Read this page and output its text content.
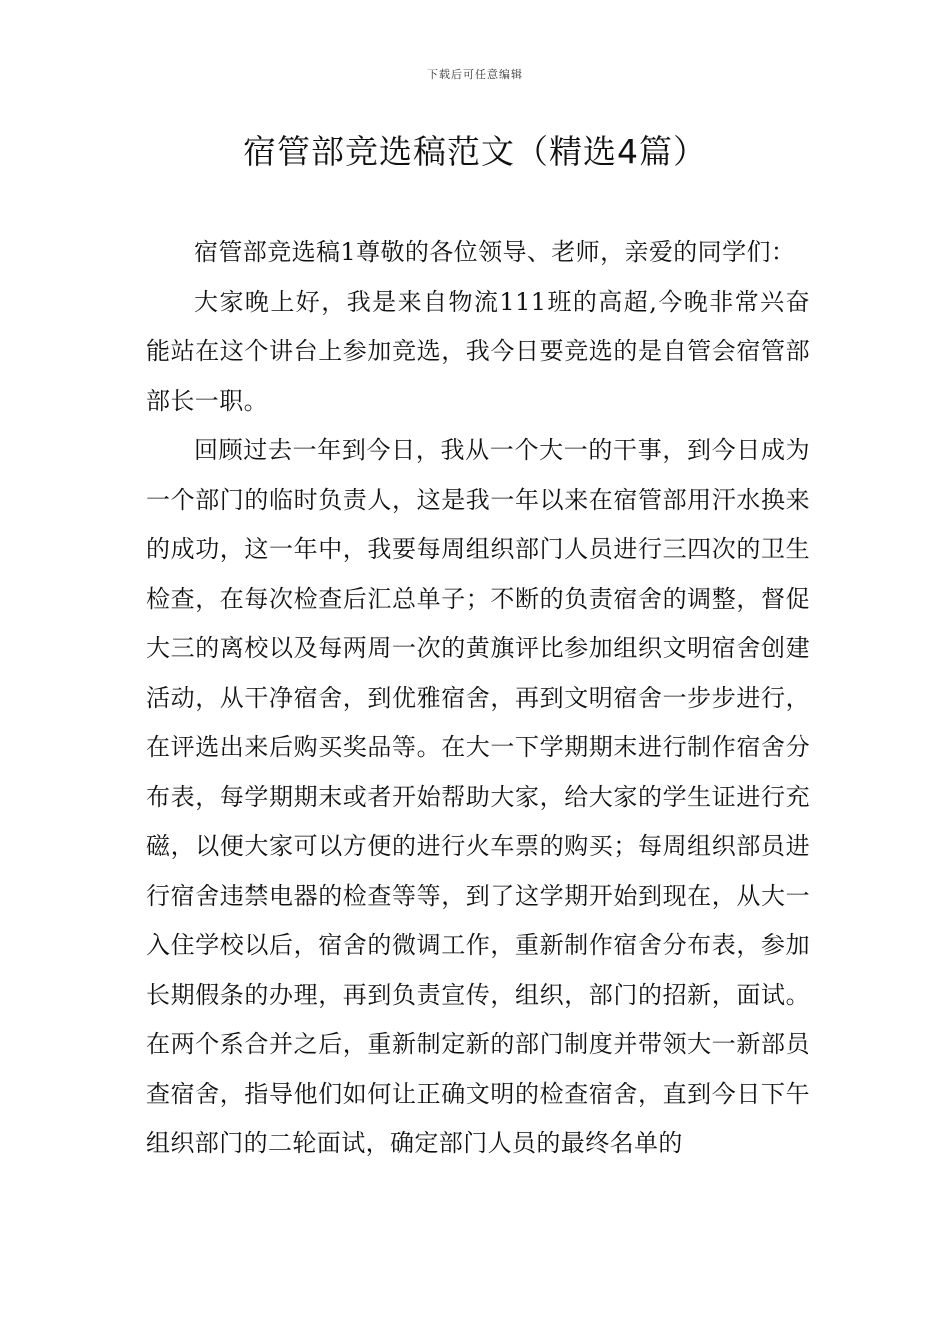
下载后可任意编辑
宿管部竞选稿范文（精选4篇）

宿管部竞选稿1尊敬的各位领导、老师，亲爱的同学们：

大家晚上好，我是来自物流111班的高超,今晚非常兴奋能站在这个讲台上参加竞选，我今日要竞选的是自管会宿管部部长一职。

回顾过去一年到今日，我从一个大一的干事，到今日成为一个部门的临时负责人，这是我一年以来在宿管部用汗水换来的成功，这一年中，我要每周组织部门人员进行三四次的卫生检查，在每次检查后汇总单子；不断的负责宿舍的调整，督促大三的离校以及每两周一次的黄旗评比参加组织文明宿舍创建活动，从干净宿舍，到优雅宿舍，再到文明宿舍一步步进行，在评选出来后购买奖品等。在大一下学期期末进行制作宿舍分布表，每学期期末或者开始帮助大家，给大家的学生证进行充磁，以便大家可以方便的进行火车票的购买；每周组织部员进行宿舍违禁电器的检查等等，到了这学期开始到现在，从大一入住学校以后，宿舍的微调工作，重新制作宿舍分布表，参加长期假条的办理，再到负责宣传，组织，部门的招新，面试。在两个系合并之后，重新制定新的部门制度并带领大一新部员查宿舍，指导他们如何让正确文明的检查宿舍，直到今日下午组织部门的二轮面试，确定部门人员的最终名单的
